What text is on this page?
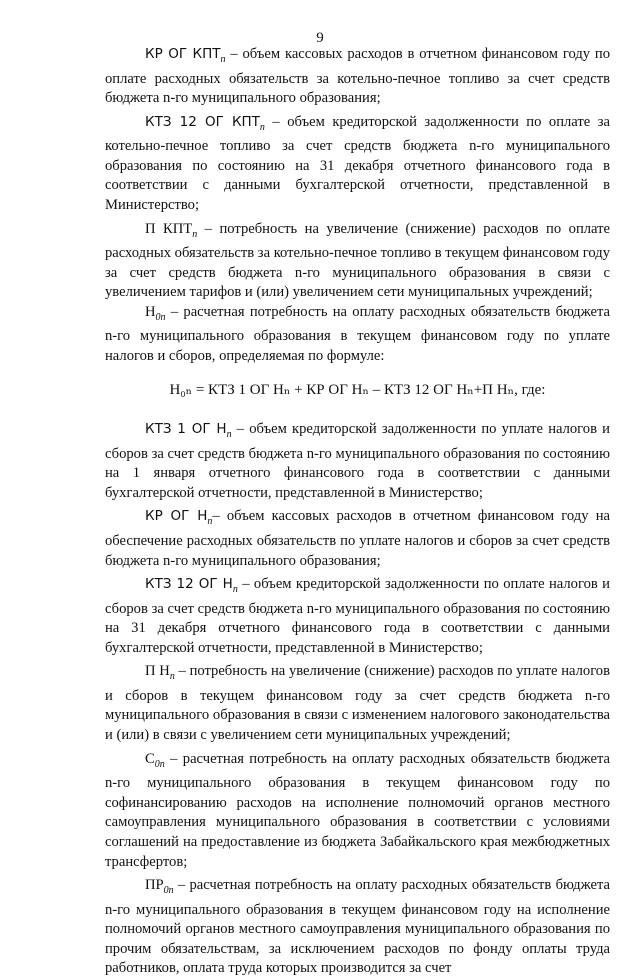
9

КР ОГ $КПТ_n$ – объем кассовых расходов в отчетном финансовом году по оплате расходных обязательств за котельно-печное топливо за счет средств бюджета n-го муниципального образования;

КТЗ 12 ОГ $КПТ_n$ – объем кредиторской задолженности по оплате за котельно-печное топливо за счет средств бюджета n-го муниципального образования по состоянию на 31 декабря отчетного финансового года в соответствии с данными бухгалтерской отчетности, представленной в Министерство;

П $КПТ_n$ – потребность на увеличение (снижение) расходов по оплате расходных обязательств за котельно-печное топливо в текущем финансовом году за счет средств бюджета n-го муниципального образования в связи с увеличением тарифов и (или) увеличением сети муниципальных учреждений;

$Н_{0n}$ – расчетная потребность на оплату расходных обязательств бюджета n-го муниципального образования в текущем финансовом году по уплате налогов и сборов, определяемая по формуле:

Н₀ₙ = КТЗ 1 ОГ Нₙ + КР ОГ Нₙ – КТЗ 12 ОГ Нₙ+П Нₙ, где:

КТЗ 1 ОГ $Н_n$ – объем кредиторской задолженности по уплате налогов и сборов за счет средств бюджета n-го муниципального образования по состоянию на 1 января отчетного финансового года в соответствии с данными бухгалтерской отчетности, представленной в Министерство;

КР ОГ $Н_n-$ объем кассовых расходов в отчетном финансовом году на обеспечение расходных обязательств по уплате налогов и сборов за счет средств бюджета n-го муниципального образования;

КТЗ 12 ОГ $Н_n$ – объем кредиторской задолженности по оплате налогов и сборов за счет средств бюджета n-го муниципального образования по состоянию на 31 декабря отчетного финансового года в соответствии с данными бухгалтерской отчетности, представленной в Министерство;

П $Н_n$ – потребность на увеличение (снижение) расходов по уплате налогов и сборов в текущем финансовом году за счет средств бюджета n-го муниципального образования в связи с изменением налогового законодательства и (или) в связи с увеличением сети муниципальных учреждений;

$С_{0n}$ – расчетная потребность на оплату расходных обязательств бюджета n-го муниципального образования в текущем финансовом году по софинансированию расходов на исполнение полномочий органов местного самоуправления муниципального образования в соответствии с условиями соглашений на предоставление из бюджета Забайкальского края межбюджетных трансфертов;

$ПР_{0n}$ – расчетная потребность на оплату расходных обязательств бюджета n-го муниципального образования в текущем финансовом году на исполнение полномочий органов местного самоуправления муниципального образования по прочим обязательствам, за исключением расходов по фонду оплаты труда работников, оплата труда которых производится за счет
